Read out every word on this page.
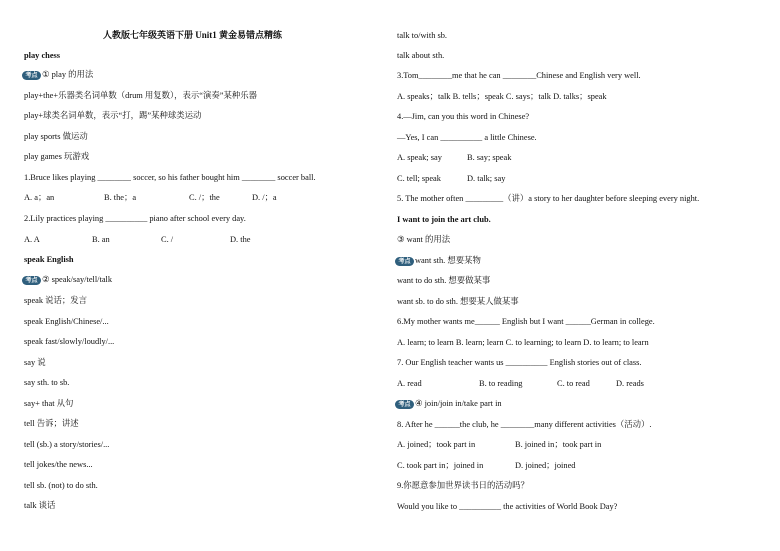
人教版七年级英语下册 Unit1 黄金易错点精练
play chess
考点 ① play 的用法
play+the+乐器类名词单数（drum 用复数），表示“演奏”某种乐器
play+球类名词单数，表示“打，踢”某种球类运动
play sports 做运动
play games 玩游戏
1.Bruce likes playing ________ soccer, so his father bought him ________ soccer ball.
A. a；an	B. the；a	C. /；the	D. /；a
2.Lily practices playing __________ piano after school every day.
A. A	B. an	C. /	D. the
speak English
考点 ② speak/say/tell/talk
speak 说话；发言
speak English/Chinese/...
speak fast/slowly/loudly/...
say 说
say sth. to sb.
say+ that 从句
tell 告诉；讲述
tell (sb.) a story/stories/...
tell jokes/the news...
tell sb. (not) to do sth.
talk 谈话
talk to/with sb.
talk about sth.
3.Tom________me that he can ________Chinese and English very well.
A. speaks；talk B. tells；speak C. says；talk D. talks；speak
4.—Jim, can you this word in Chinese?
—Yes, I can __________ a little Chinese.
A. speak; say	B. say; speak
C. tell; speak	D. talk; say
5. The mother often _________（讲）a story to her daughter before sleeping every night.
I want to join the art club.
③ want 的用法
考点 want sth. 想要某物
want to do sth. 想要做某事
want sb. to do sth. 想要某人做某事
6.My mother wants me______ English but I want ______German in college.
A. learn; to learn B. learn; learn C. to learning; to learn D. to learn; to learn
7. Our English teacher wants us __________ English stories out of class.
A. read	B. to reading	C. to read	D. reads
考点 ④ join/join in/take part in
8. After he ______the club, he ________many different activities（活动）.
A. joined；took part in	B. joined in；took part in
C. took part in；joined in	D. joined；joined
9.你愿意参加世界读书日的活动吗？
Would you like to __________ the activities of World Book Day?
